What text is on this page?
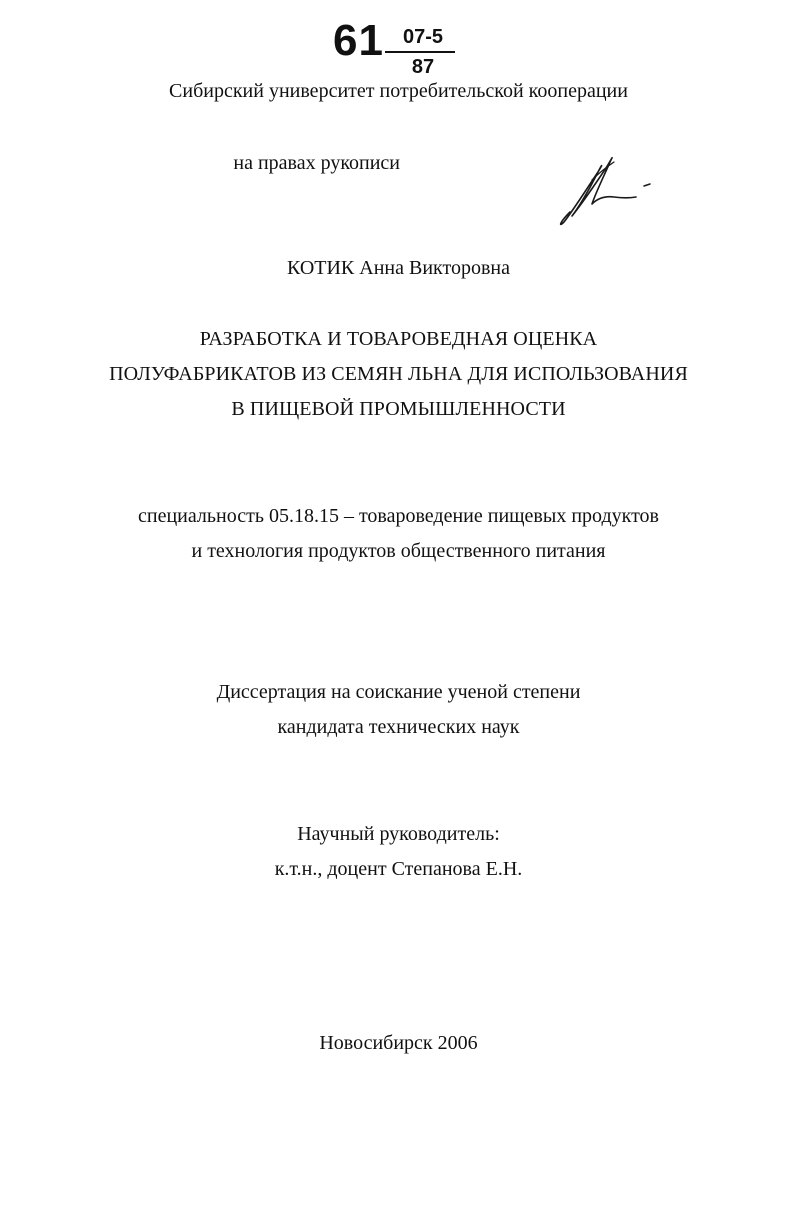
61 07-5
87
Сибирский университет потребительской кооперации
на правах рукописи
КОТИК Анна Викторовна
РАЗРАБОТКА И ТОВАРОВЕДНАЯ ОЦЕНКА
ПОЛУФАБРИКАТОВ ИЗ СЕМЯН ЛЬНА ДЛЯ ИСПОЛЬЗОВАНИЯ
В ПИЩЕВОЙ ПРОМЫШЛЕННОСТИ
специальность 05.18.15 – товароведение пищевых продуктов
и технология продуктов общественного питания
Диссертация на соискание ученой степени
кандидата технических наук
Научный руководитель:
к.т.н., доцент Степанова Е.Н.
Новосибирск 2006
